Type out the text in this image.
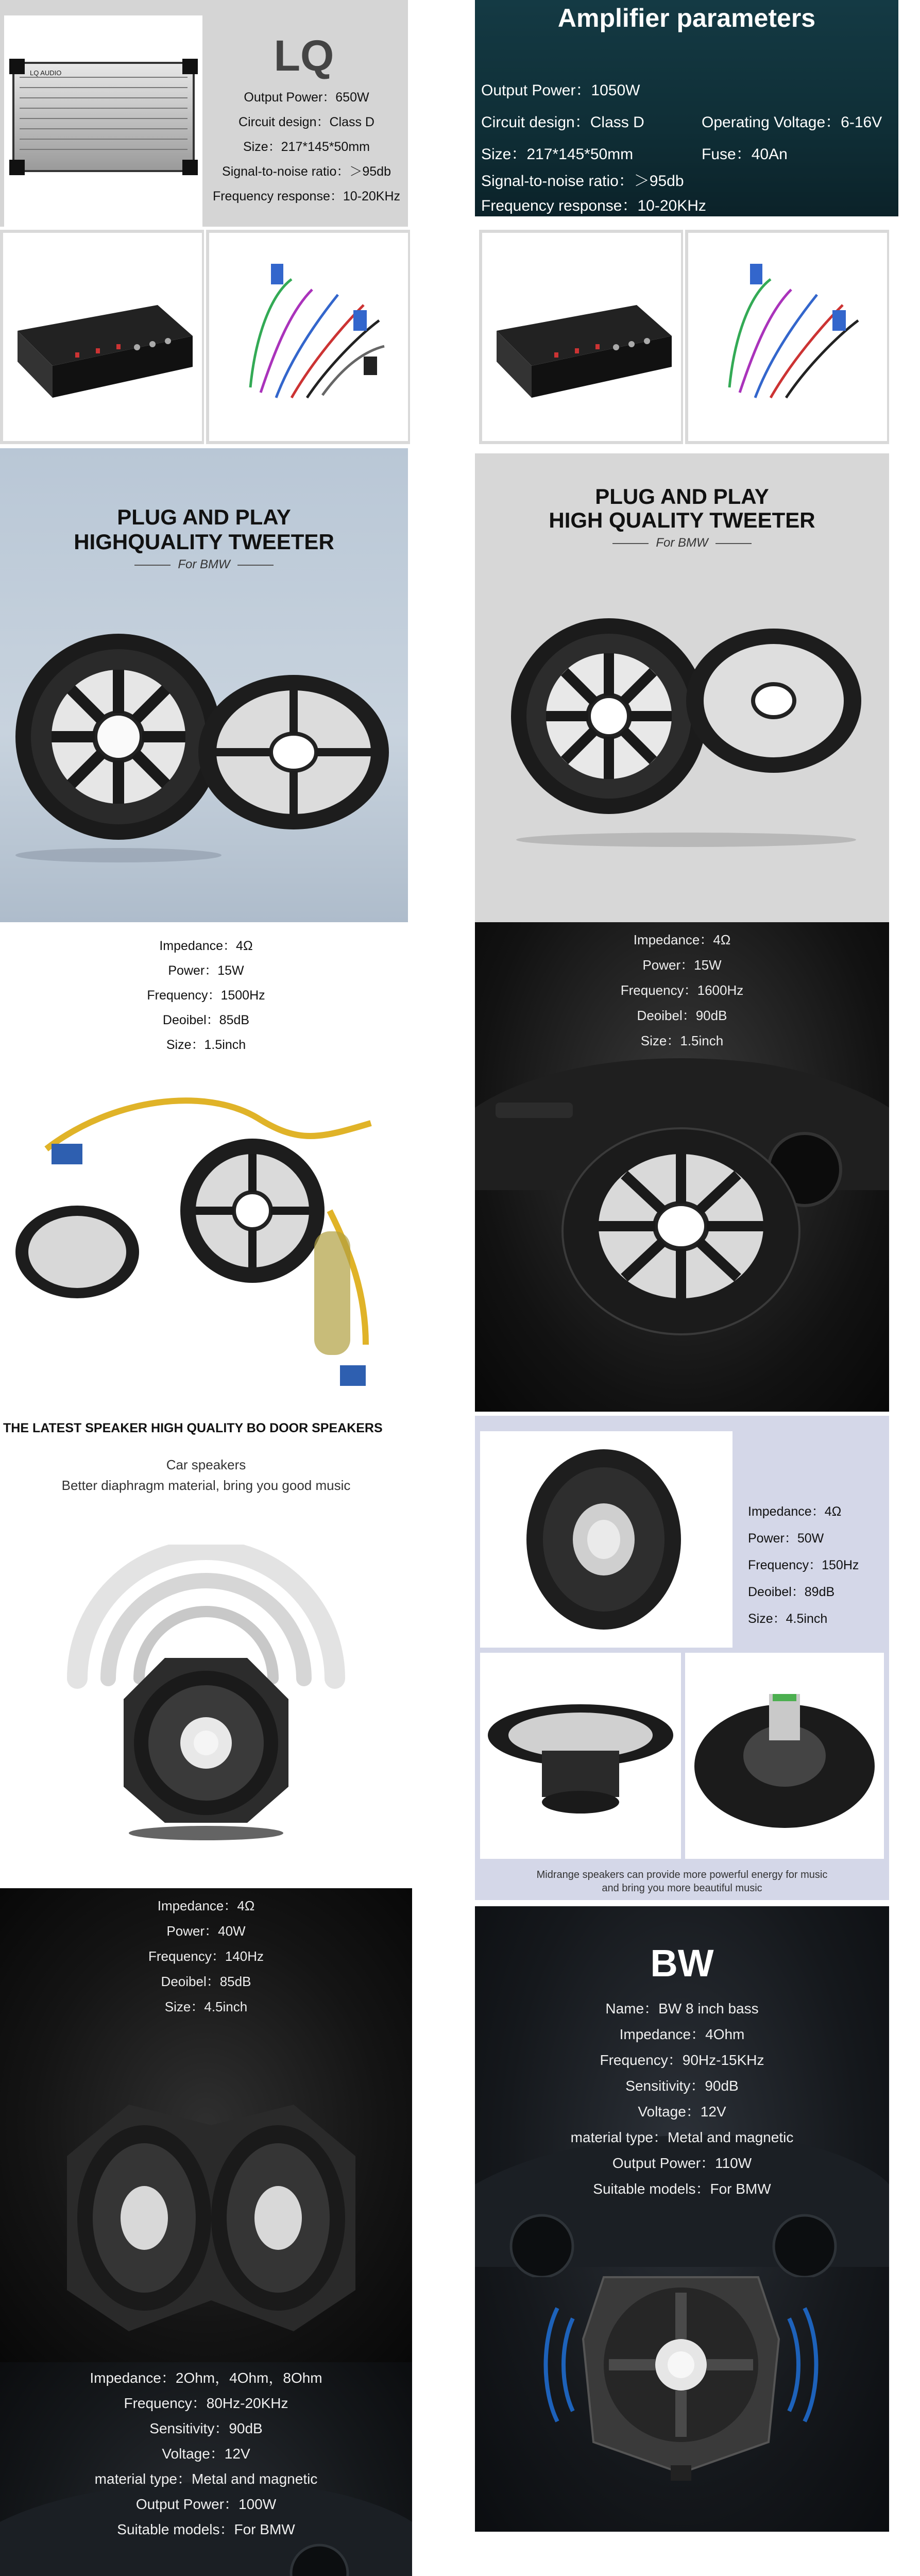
LQ AUDIO	LQ
Output Power：650W
Circuit design：Class D
Size：217*145*50mm
Signal-to-noise ratio：＞95db
Frequency response：10-20KHz
Amplifier parameters
Output Power：1050W
Circuit design：Class D	Operating Voltage：6-16V
Size：217*145*50mm	Fuse：40An
Signal-to-noise ratio：＞95db
Frequency response：10-20KHz
PLUG AND PLAY
HIGHQUALITY TWEETER
For BMW
PLUG AND PLAY
HIGH QUALITY TWEETER
For BMW
Impedance：4Ω
Power：15W
Frequency：1500Hz
Deoibel：85dB
Size：1.5inch
Impedance：4Ω
Power：15W
Frequency：1600Hz
Deoibel：90dB
Size：1.5inch
THE LATEST SPEAKER HIGH QUALITY BO DOOR SPEAKERS
Car speakers
Better diaphragm material, bring you good music
Impedance：4Ω
Power：50W
Frequency：150Hz
Deoibel：89dB
Size：4.5inch
Midrange speakers can provide more powerful energy for music
and bring you more beautiful music
Impedance：4Ω
Power：40W
Frequency：140Hz
Deoibel：85dB
Size：4.5inch
BW
Name：BW 8 inch bass
Impedance：4Ohm
Frequency：90Hz-15KHz
Sensitivity：90dB
Voltage：12V
material type：Metal and magnetic
Output Power：110W
Suitable models：For BMW
Impedance：2Ohm，4Ohm，8Ohm
Frequency：80Hz-20KHz
Sensitivity：90dB
Voltage：12V
material type：Metal and magnetic
Output Power：100W
Suitable models：For BMW
